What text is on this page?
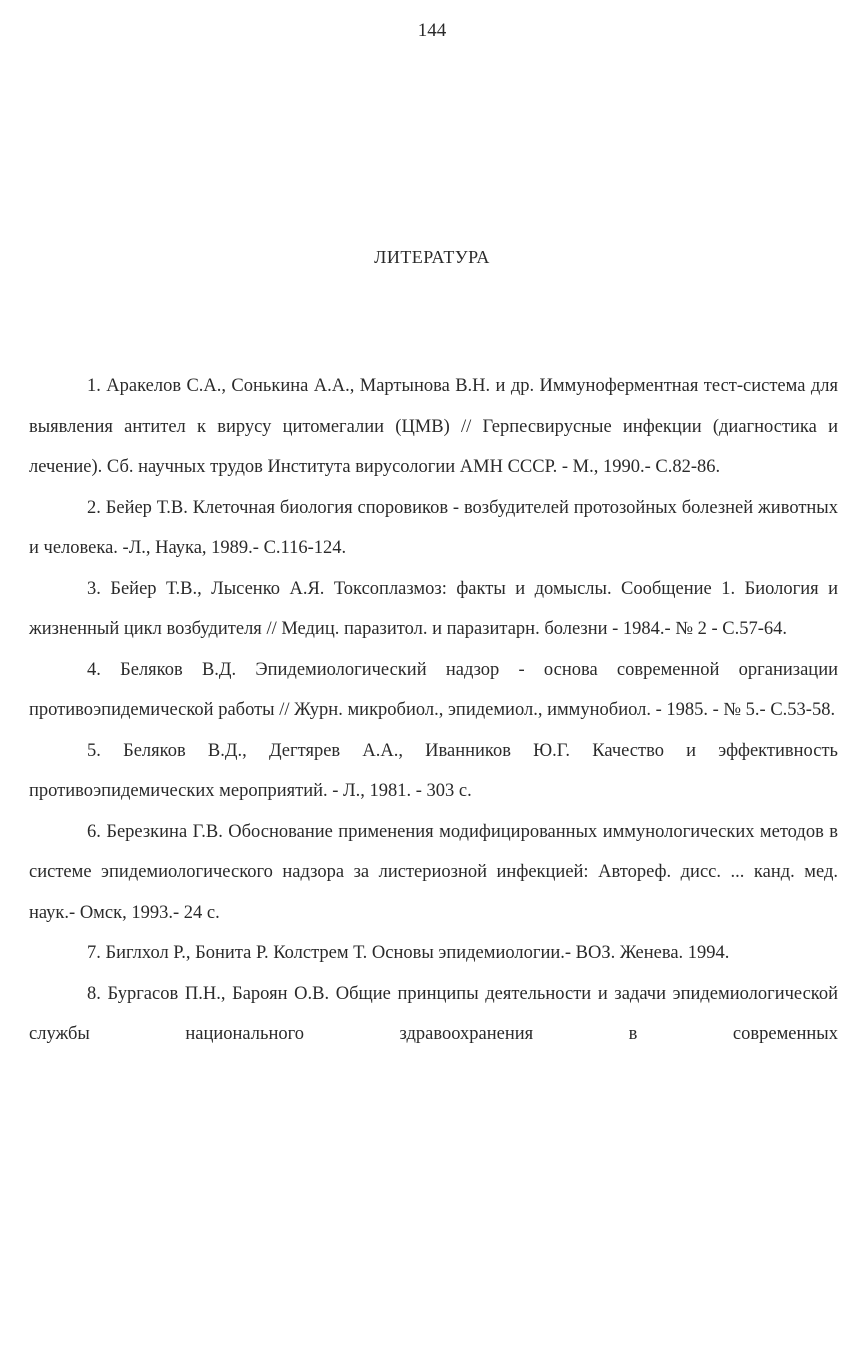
144
ЛИТЕРАТУРА
1. Аракелов С.А., Сонькина А.А., Мартынова В.Н. и др. Иммуноферментная тест-система для выявления антител к вирусу цитомегалии (ЦМВ) // Герпесвирусные инфекции (диагностика и лечение). Сб. научных трудов Института вирусологии АМН СССР. - М., 1990.- С.82-86.
2. Бейер Т.В. Клеточная биология споровиков - возбудителей протозойных болезней животных и человека. -Л., Наука, 1989.- С.116-124.
3. Бейер Т.В., Лысенко А.Я. Токсоплазмоз: факты и домыслы. Сообщение 1. Биология и жизненный цикл возбудителя // Медиц. паразитол. и паразитарн. болезни - 1984.- № 2 - С.57-64.
4. Беляков В.Д. Эпидемиологический надзор - основа современной организации противоэпидемической работы // Журн. микробиол., эпидемиол., иммунобиол. - 1985. - № 5.- С.53-58.
5. Беляков В.Д., Дегтярев А.А., Иванников Ю.Г. Качество и эффективность противоэпидемических мероприятий. - Л., 1981. - 303 с.
6. Березкина Г.В. Обоснование применения модифицированных иммунологических методов в системе эпидемиологического надзора за листериозной инфекцией: Автореф. дисс. ... канд. мед. наук.- Омск, 1993.- 24 с.
7. Биглхол Р., Бонита Р. Колстрем Т. Основы эпидемиологии.- ВОЗ. Женева. 1994.
8. Бургасов П.Н., Бароян О.В. Общие принципы деятельности и задачи эпидемиологической службы национального здравоохранения в современных
